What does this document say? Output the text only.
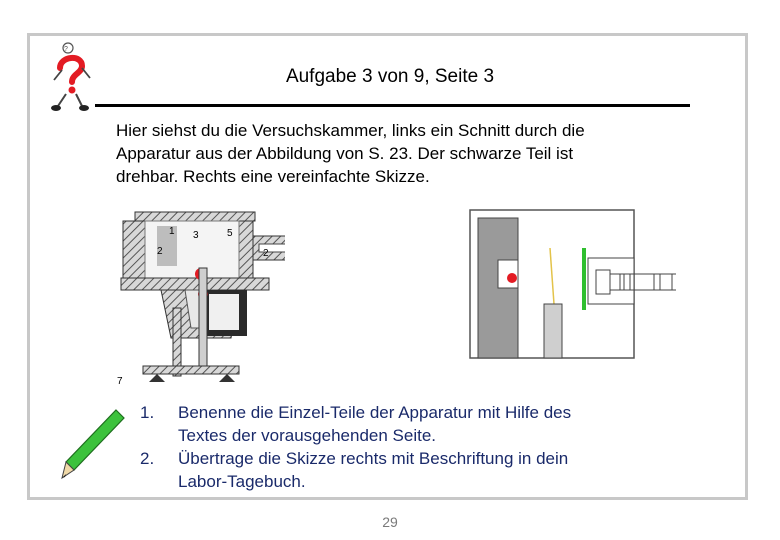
?
Aufgabe 3 von 9, Seite 3
Hier siehst du die Versuchskammer, links ein Schnitt durch die
Apparatur aus der Abbildung von S. 23. Der schwarze Teil ist
drehbar. Rechts eine vereinfachte Skizze.
1
2
3	5
2
7
1. Benenne die Einzel-Teile der Apparatur mit Hilfe des
Textes der vorausgehenden Seite.
2. Übertrage die Skizze rechts mit Beschriftung in dein
Labor-Tagebuch.
29
